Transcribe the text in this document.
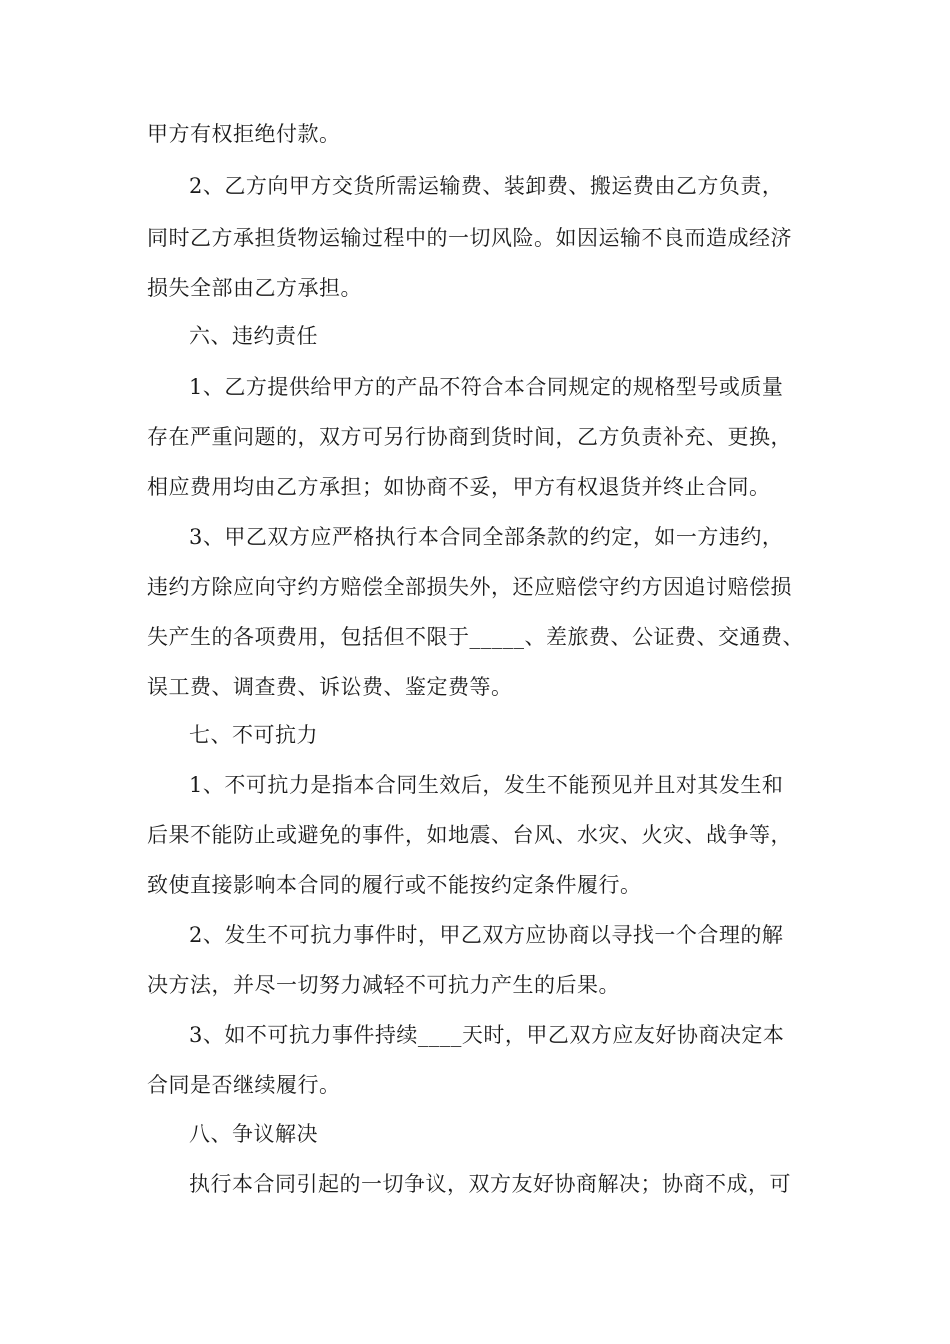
甲方有权拒绝付款。
2、乙方向甲方交货所需运输费、装卸费、搬运费由乙方负责，
同时乙方承担货物运输过程中的一切风险。如因运输不良而造成经济
损失全部由乙方承担。
六、违约责任
1、乙方提供给甲方的产品不符合本合同规定的规格型号或质量
存在严重问题的，双方可另行协商到货时间，乙方负责补充、更换，
相应费用均由乙方承担；如协商不妥，甲方有权退货并终止合同。
3、甲乙双方应严格执行本合同全部条款的约定，如一方违约，
违约方除应向守约方赔偿全部损失外，还应赔偿守约方因追讨赔偿损
失产生的各项费用，包括但不限于_____、差旅费、公证费、交通费、
误工费、调查费、诉讼费、鉴定费等。
七、不可抗力
1、不可抗力是指本合同生效后，发生不能预见并且对其发生和
后果不能防止或避免的事件，如地震、台风、水灾、火灾、战争等，
致使直接影响本合同的履行或不能按约定条件履行。
2、发生不可抗力事件时，甲乙双方应协商以寻找一个合理的解
决方法，并尽一切努力减轻不可抗力产生的后果。
3、如不可抗力事件持续____天时，甲乙双方应友好协商决定本
合同是否继续履行。
八、争议解决
执行本合同引起的一切争议，双方友好协商解决；协商不成，可
